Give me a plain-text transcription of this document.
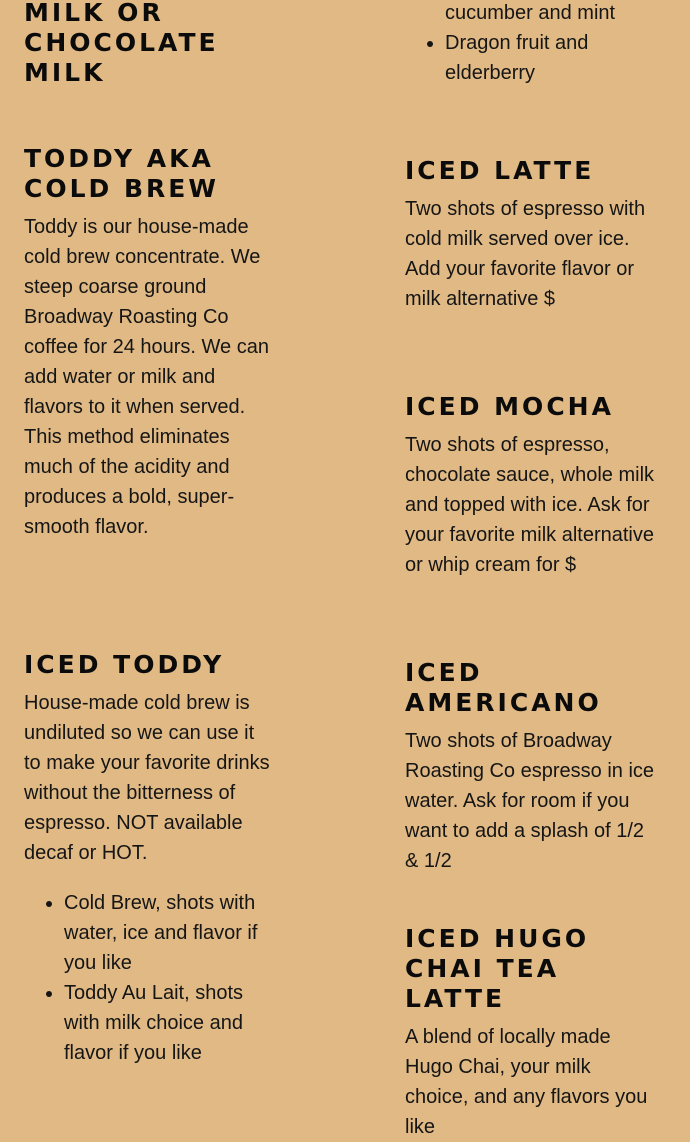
MILK OR CHOCOLATE MILK
TODDY AKA COLD BREW

Toddy is our house-made cold brew concentrate. We steep coarse ground Broadway Roasting Co coffee for 24 hours. We can add water or milk and flavors to it when served. This method eliminates much of the acidity and produces a bold, super-smooth flavor.

ICED TODDY

House-made cold brew is undiluted so we can use it to make your favorite drinks without the bitterness of espresso. NOT available decaf or HOT.

• Cold Brew, shots with water, ice and flavor if you like
• Toddy Au Lait, shots with milk choice and flavor if you like
cucumber and mint
• Dragon fruit and elderberry
ICED LATTE

Two shots of espresso with cold milk served over ice. Add your favorite flavor or milk alternative $

ICED MOCHA

Two shots of espresso, chocolate sauce, whole milk and topped with ice. Ask for your favorite milk alternative or whip cream for $

ICED AMERICANO

Two shots of Broadway Roasting Co espresso in ice water. Ask for room if you want to add a splash of 1/2 & 1/2

ICED HUGO CHAI TEA LATTE

A blend of locally made Hugo Chai, your milk choice, and any flavors you like
